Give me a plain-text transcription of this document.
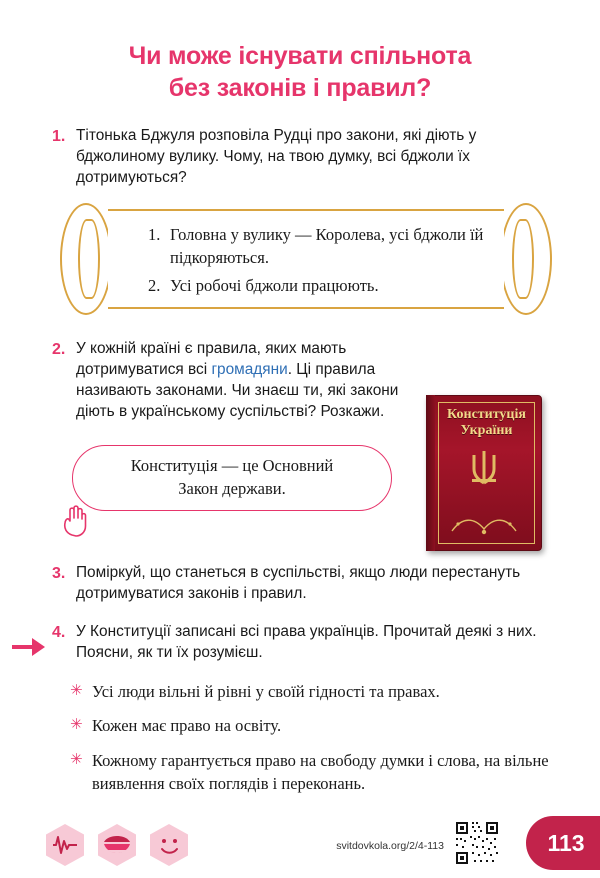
Чи може існувати спільнота
без законів і правил?
1. Тітонька Бджуля розповіла Рудці про закони, які діють у бджолиному вулику. Чому, на твою думку, всі бджоли їх дотримуються?
1. Головна у вулику — Королева, усі бджоли їй підкоряються.
2. Усі робочі бджоли працюють.
2. У кожній країні є правила, яких мають дотримуватися всі громадяни. Ці правила називають законами. Чи знаєш ти, які закони діють в українському суспільстві? Розкажи.
Конституція — це Основний
Закон держави.
Конституція
України
3. Поміркуй, що станеться в суспільстві, якщо люди перестануть дотримуватися законів і правил.
4. У Конституції записані всі права українців. Прочитай деякі з них. Поясни, як ти їх розумієш.
✳ Усі люди вільні й рівні у своїй гідності та правах.
✳ Кожен має право на освіту.
✳ Кожному гарантується право на свободу думки і слова, на вільне виявлення своїх поглядів і переконань.
svitdovkola.org/2/4-113	113
